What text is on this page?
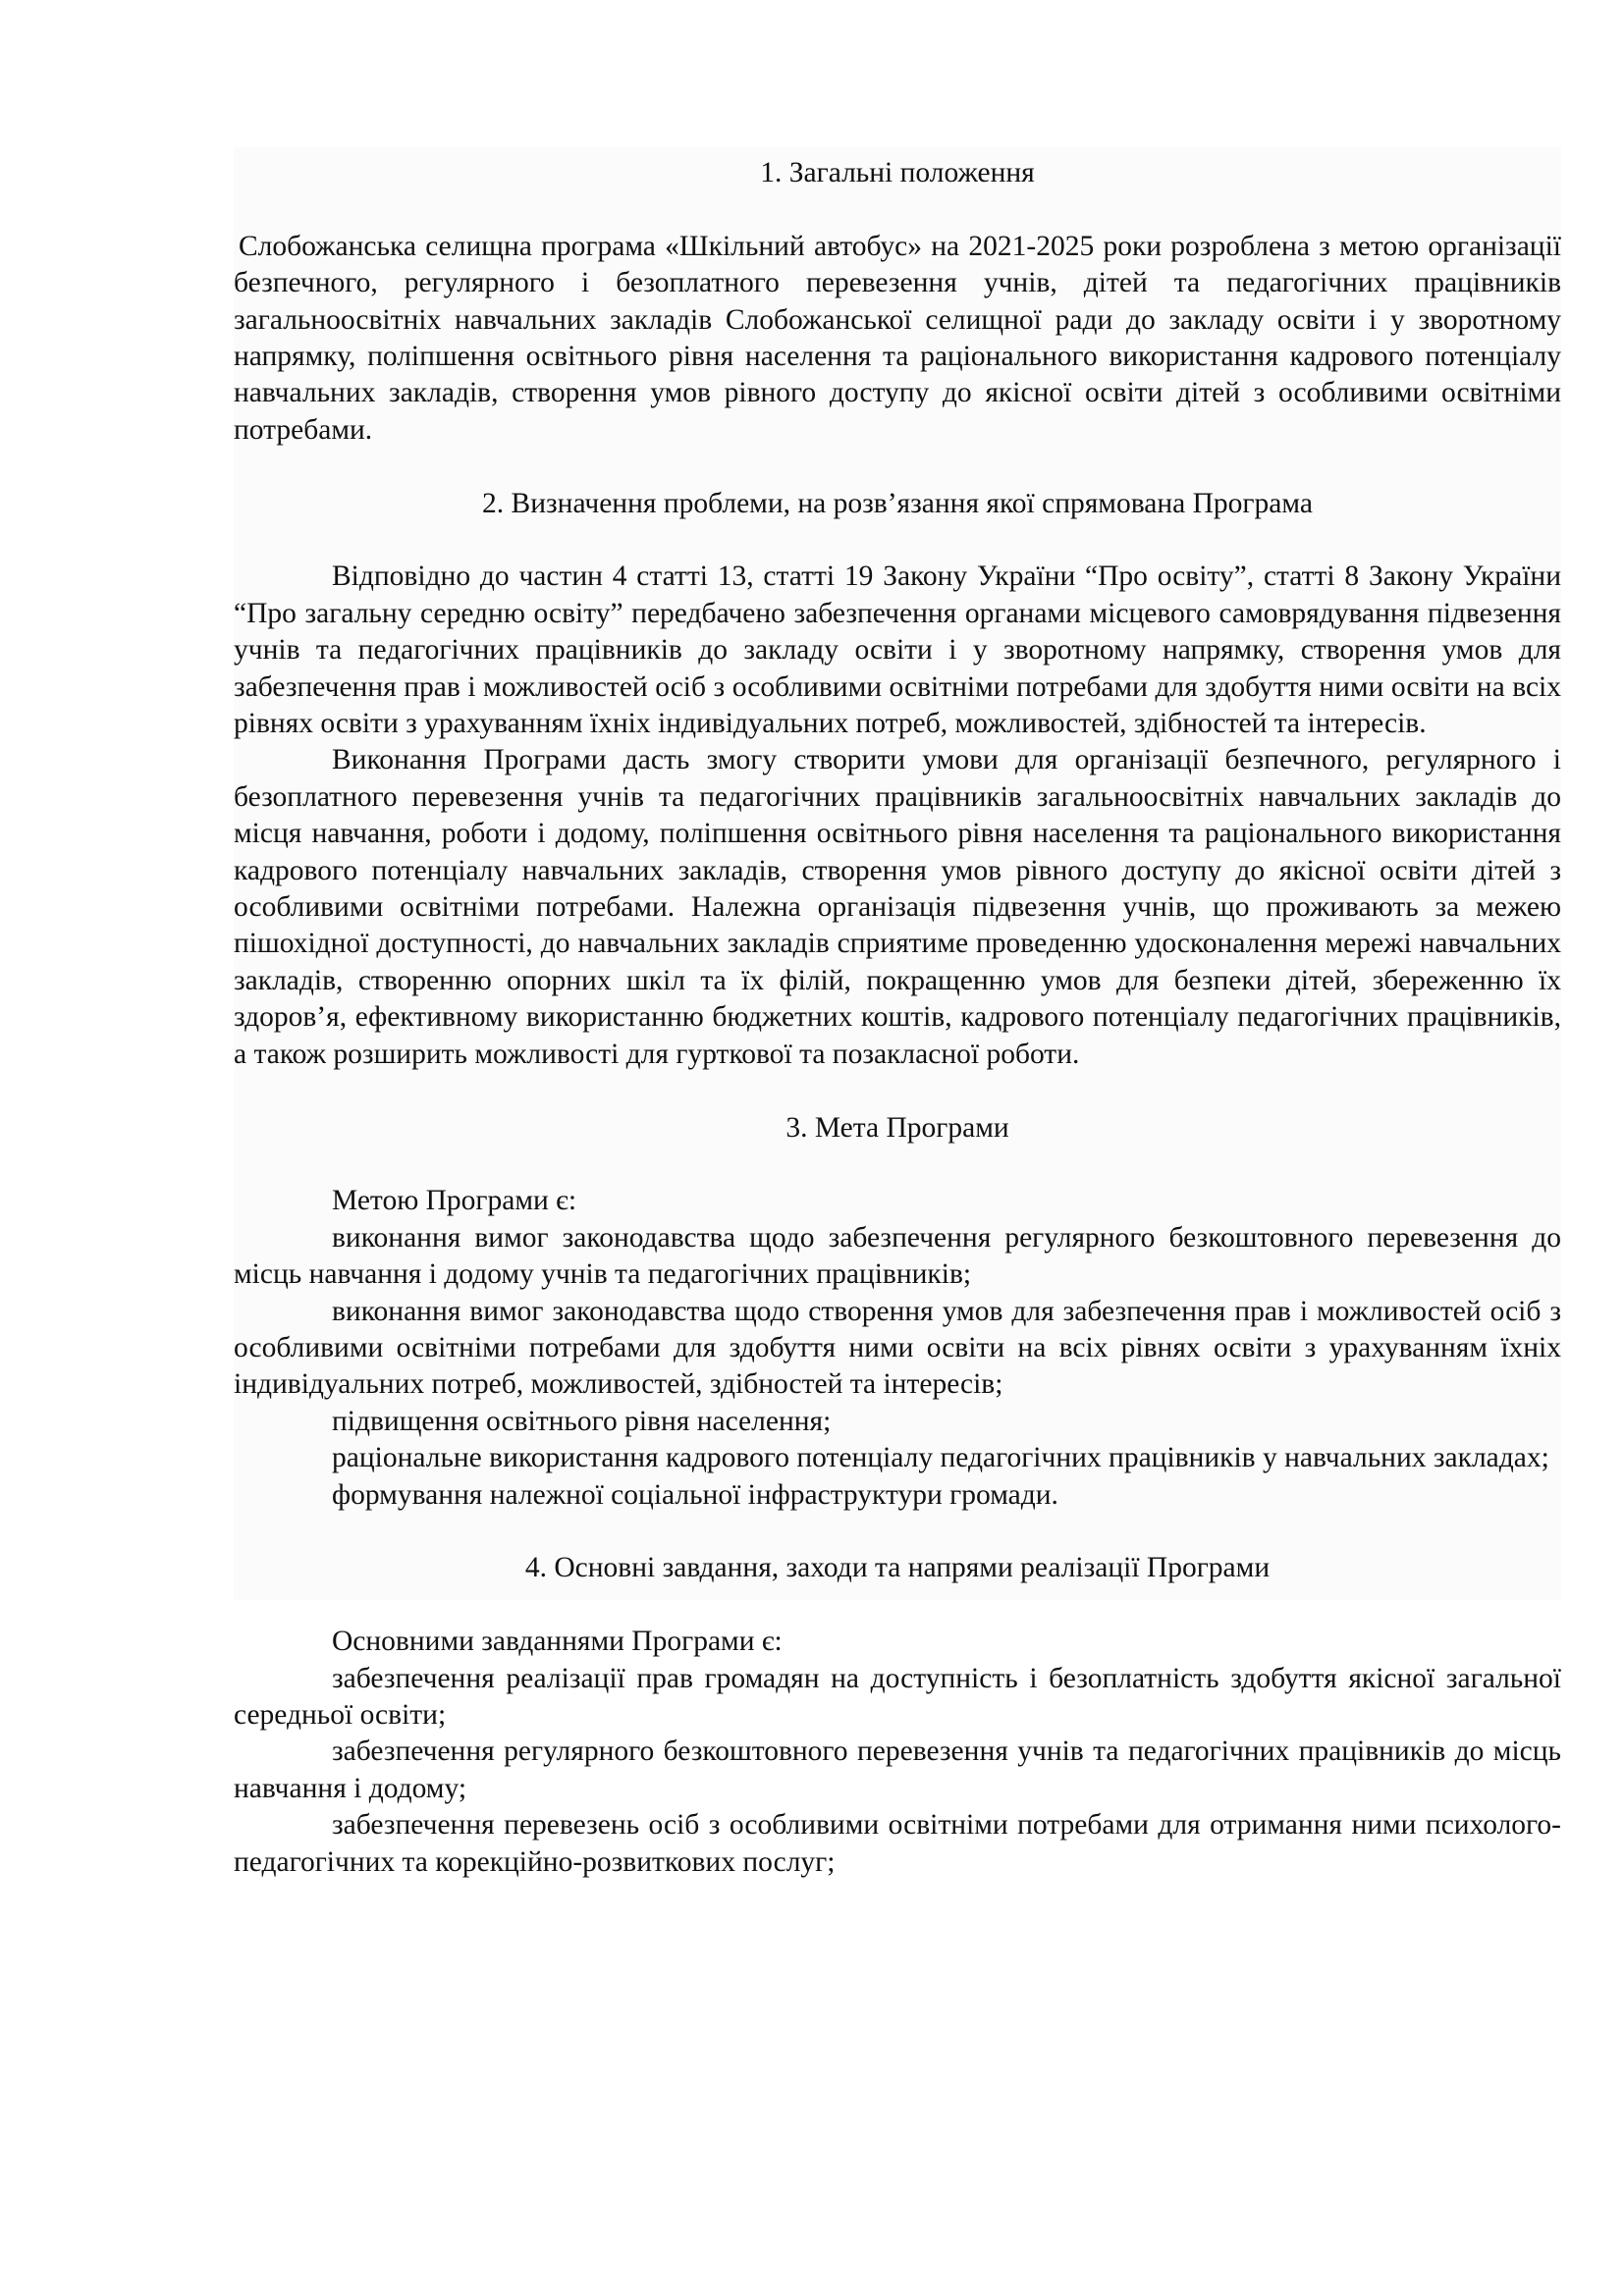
1. Загальні положення

Слобожанська селищна програма «Шкільний автобус» на 2021-2025 роки розроблена з метою організації безпечного, регулярного і безоплатного перевезення учнів, дітей та педагогічних працівників загальноосвітніх навчальних закладів Слобожанської селищної ради до закладу освіти і у зворотному напрямку, поліпшення освітнього рівня населення та раціонального використання кадрового потенціалу навчальних закладів, створення умов рівного доступу до якісної освіти дітей з особливими освітніми потребами.

2. Визначення проблеми, на розв’язання якої спрямована Програма

Відповідно до частин 4 статті 13, статті 19 Закону України “Про освіту”, статті 8 Закону України “Про загальну середню освіту” передбачено забезпечення органами місцевого самоврядування підвезення учнів та педагогічних працівників до закладу освіти і у зворотному напрямку, створення умов для забезпечення прав і можливостей осіб з особливими освітніми потребами для здобуття ними освіти на всіх рівнях освіти з урахуванням їхніх індивідуальних потреб, можливостей, здібностей та інтересів.

Виконання Програми дасть змогу створити умови для організації безпечного, регулярного і безоплатного перевезення учнів та педагогічних працівників загальноосвітніх навчальних закладів до місця навчання, роботи і додому, поліпшення освітнього рівня населення та раціонального використання кадрового потенціалу навчальних закладів, створення умов рівного доступу до якісної освіти дітей з особливими освітніми потребами. Належна організація підвезення учнів, що проживають за межею пішохідної доступності, до навчальних закладів сприятиме проведенню удосконалення мережі навчальних закладів, створенню опорних шкіл та їх філій, покращенню умов для безпеки дітей, збереженню їх здоров’я, ефективному використанню бюджетних коштів, кадрового потенціалу педагогічних працівників, а також розширить можливості для гурткової та позакласної роботи.

3. Мета Програми

Метою Програми є:

виконання вимог законодавства щодо забезпечення регулярного безкоштовного перевезення до місць навчання і додому учнів та педагогічних працівників;

виконання вимог законодавства щодо створення умов для забезпечення прав і можливостей осіб з особливими освітніми потребами для здобуття ними освіти на всіх рівнях освіти з урахуванням їхніх індивідуальних потреб, можливостей, здібностей та інтересів;

підвищення освітнього рівня населення;

раціональне використання кадрового потенціалу педагогічних працівників у навчальних закладах;

формування належної соціальної інфраструктури громади.

4. Основні завдання, заходи та напрями реалізації Програми

Основними завданнями Програми є:

забезпечення реалізації прав громадян на доступність і безоплатність здобуття якісної загальної середньої освіти;

забезпечення регулярного безкоштовного перевезення учнів та педагогічних працівників до місць навчання і додому;

забезпечення перевезень осіб з особливими освітніми потребами для отримання ними психолого-педагогічних та корекційно-розвиткових послуг;
